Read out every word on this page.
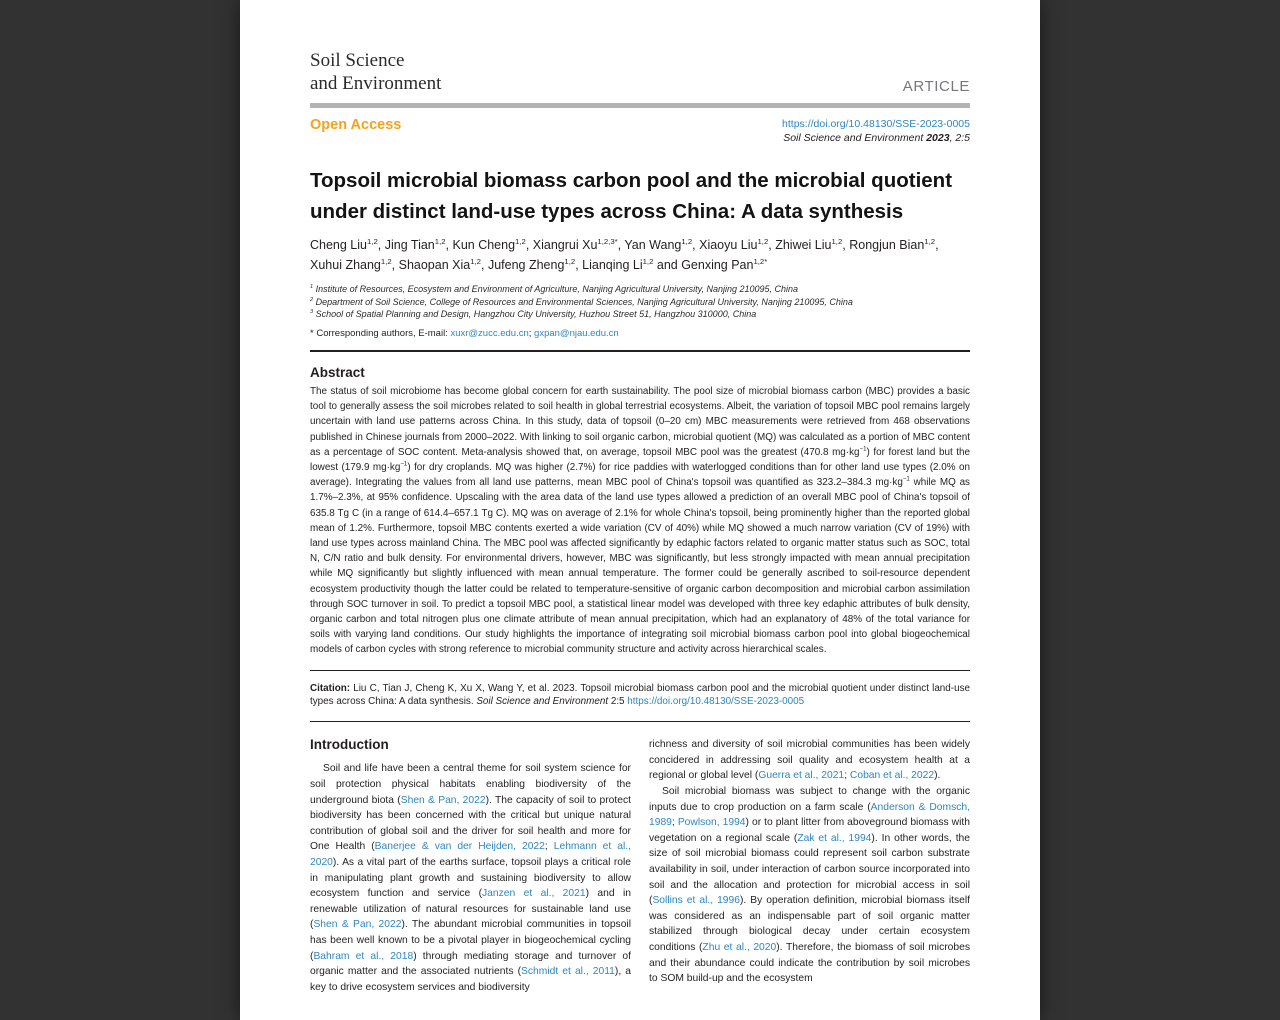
Soil Science
and Environment	ARTICLE
Open Access	https://doi.org/10.48130/SSE-2023-0005
Soil Science and Environment 2023, 2:5
Topsoil microbial biomass carbon pool and the microbial quotient under distinct land-use types across China: A data synthesis
Cheng Liu$^{1,2}$, Jing Tian$^{1,2}$, Kun Cheng$^{1,2}$, Xiangrui $Xu^{1,2,3*}$, Yan Wang$^{1,2}$, Xiaoyu Liu$^{1,2}$, Zhiwei Liu$^{1,2}$, Rongjun Bian$^{1,2}$, Xuhui Zhang$^{1,2}$, Shaopan Xia$^{1,2}$, Jufeng Zheng$^{1,2}$, Lianqing Li$^{1,2}$ and Genxing Pan$^{1,2*}$
$^1$ Institute of Resources, Ecosystem and Environment of Agriculture, Nanjing Agricultural University, Nanjing 210095, China
$^2$ Department of Soil Science, College of Resources and Environmental Sciences, Nanjing Agricultural University, Nanjing 210095, China
$^3$ School of Spatial Planning and Design, Hangzhou City University, Huzhou Street 51, Hangzhou 310000, China
* Corresponding authors, E-mail: xuxr@zucc.edu.cn; gxpan@njau.edu.cn
Abstract
The status of soil microbiome has become global concern for earth sustainability. The pool size of microbial biomass carbon (MBC) provides a basic tool to generally assess the soil microbes related to soil health in global terrestrial ecosystems. Albeit, the variation of topsoil MBC pool remains largely uncertain with land use patterns across China. In this study, data of topsoil (0–20 cm) MBC measurements were retrieved from 468 observations published in Chinese journals from 2000–2022. With linking to soil organic carbon, microbial quotient (MQ) was calculated as a portion of MBC content as a percentage of SOC content. Meta-analysis showed that, on average, topsoil MBC pool was the greatest (470.8 $mg\cdot kg^{-1}$) for forest land but the lowest (179.9 $mg\cdot kg^{-1}$) for dry croplands. MQ was higher (2.7%) for rice paddies with waterlogged conditions than for other land use types (2.0% on average). Integrating the values from all land use patterns, mean MBC pool of China's topsoil was quantified as 323.2–384.3 $mg\cdot kg^{-1}$ while MQ as 1.7%–2.3%, at 95% confidence. Upscaling with the area data of the land use types allowed a prediction of an overall MBC pool of China's topsoil of 635.8 Tg C (in a range of 614.4–657.1 Tg C). MQ was on average of 2.1% for whole China's topsoil, being prominently higher than the reported global mean of 1.2%. Furthermore, topsoil MBC contents exerted a wide variation (CV of 40%) while MQ showed a much narrow variation (CV of 19%) with land use types across mainland China. The MBC pool was affected significantly by edaphic factors related to organic matter status such as SOC, total N, C/N ratio and bulk density. For environmental drivers, however, MBC was significantly, but less strongly impacted with mean annual precipitation while MQ significantly but slightly influenced with mean annual temperature. The former could be generally ascribed to soil-resource dependent ecosystem productivity though the latter could be related to temperature-sensitive of organic carbon decomposition and microbial carbon assimilation through SOC turnover in soil. To predict a topsoil MBC pool, a statistical linear model was developed with three key edaphic attributes of bulk density, organic carbon and total nitrogen plus one climate attribute of mean annual precipitation, which had an explanatory of 48% of the total variance for soils with varying land conditions. Our study highlights the importance of integrating soil microbial biomass carbon pool into global biogeochemical models of carbon cycles with strong reference to microbial community structure and activity across hierarchical scales.
Citation: Liu C, Tian J, Cheng K, Xu X, Wang Y, et al. 2023. Topsoil microbial biomass carbon pool and the microbial quotient under distinct land-use types across China: A data synthesis. Soil Science and Environment 2:5 https://doi.org/10.48130/SSE-2023-0005
Introduction

Soil and life have been a central theme for soil system science for soil protection physical habitats enabling biodiversity of the underground biota (Shen & Pan, 2022). The capacity of soil to protect biodiversity has been concerned with the critical but unique natural contribution of global soil and the driver for soil health and more for One Health (Banerjee & van der Heijden, 2022; Lehmann et al., 2020). As a vital part of the earths surface, topsoil plays a critical role in manipulating plant growth and sustaining biodiversity to allow ecosystem function and service (Janzen et al., 2021) and in renewable utilization of natural resources for sustainable land use (Shen & Pan, 2022). The abundant microbial communities in topsoil has been well known to be a pivotal player in biogeochemical cycling (Bahram et al., 2018) through mediating storage and turnover of organic matter and the associated nutrients (Schmidt et al., 2011), a key to drive ecosystem services and biodiversity

richness and diversity of soil microbial communities has been widely concidered in addressing soil quality and ecosystem health at a regional or global level (Guerra et al., 2021; Coban et al., 2022).

Soil microbial biomass was subject to change with the organic inputs due to crop production on a farm scale (Anderson & Domsch, 1989; Powlson, 1994) or to plant litter from aboveground biomass with vegetation on a regional scale (Zak et al., 1994). In other words, the size of soil microbial biomass could represent soil carbon substrate availability in soil, under interaction of carbon source incorporated into soil and the allocation and protection for microbial access in soil (Sollins et al., 1996). By operation definition, microbial biomass itself was considered as an indispensable part of soil organic matter stabilized through biological decay under certain ecosystem conditions (Zhu et al., 2020). Therefore, the biomass of soil microbes and their abundance could indicate the contribution by soil microbes to SOM build-up and the ecosystem
